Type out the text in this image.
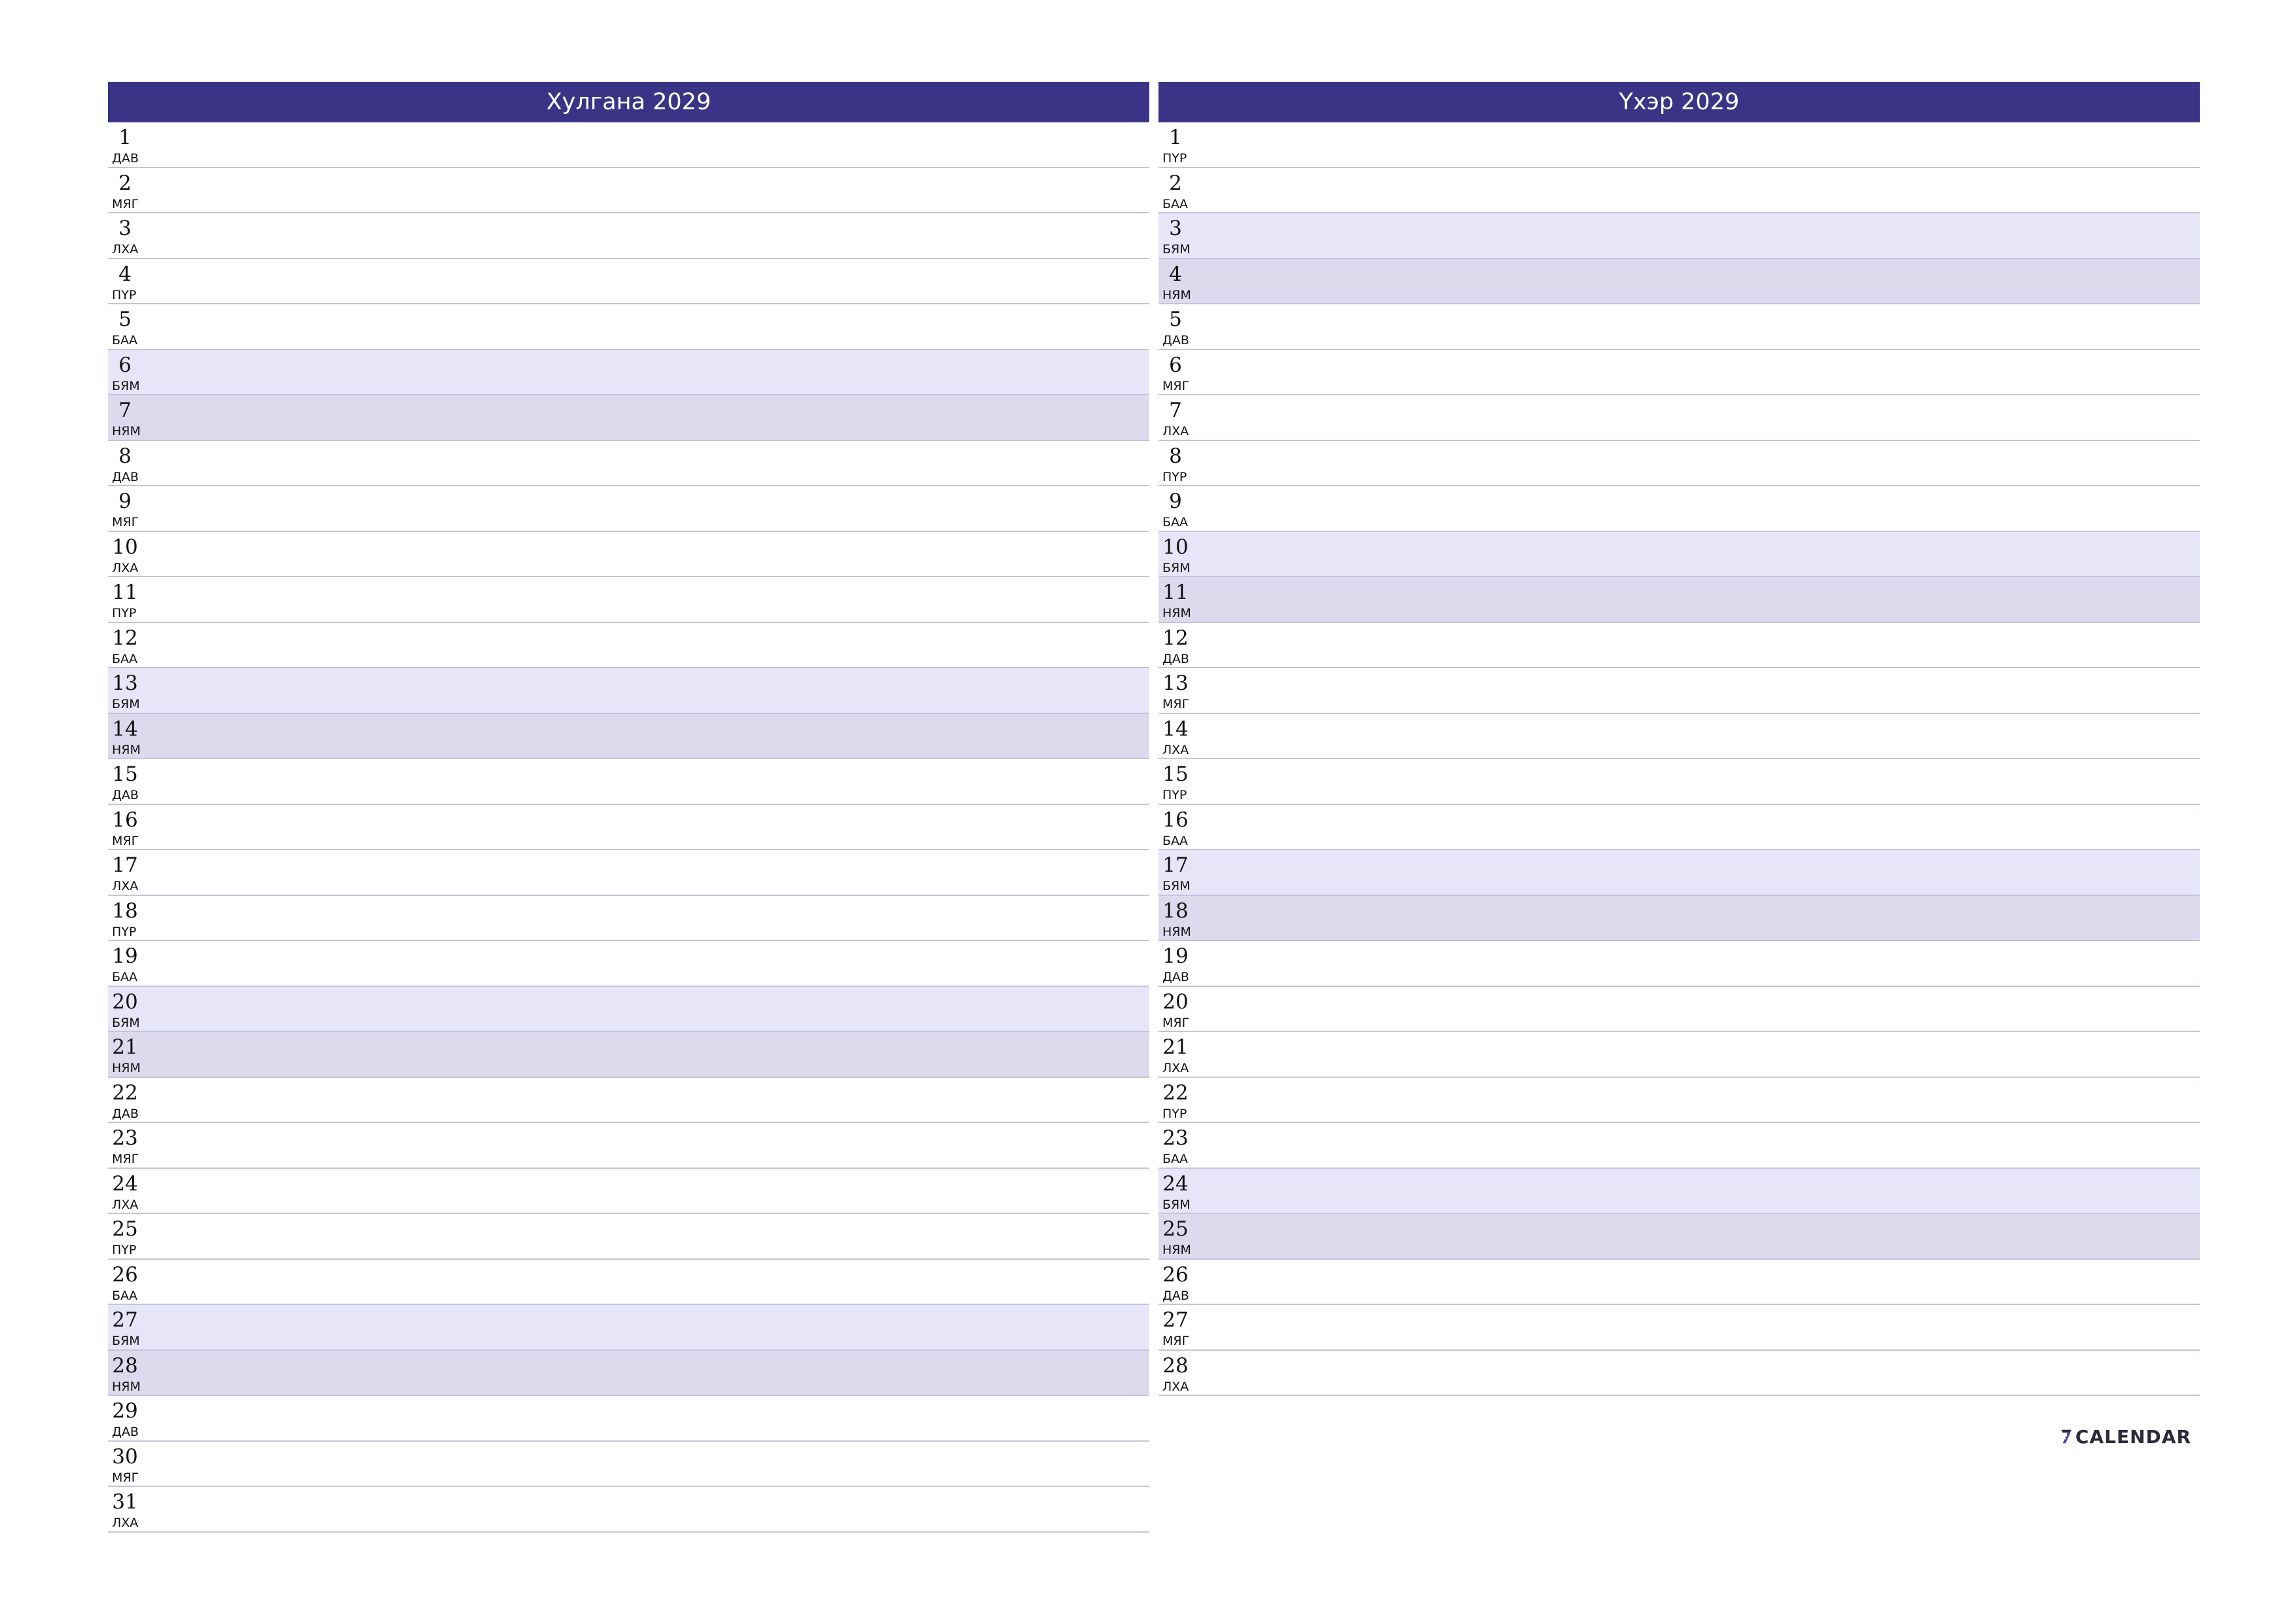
Хулгана 2029
1
ДАВ
2
МЯГ
3
ЛХА
4
ПҮР
5
БАА
6
БЯМ
7
НЯМ
8
ДАВ
9
МЯГ
10
ЛХА
11
ПҮР
12
БАА
13
БЯМ
14
НЯМ
15
ДАВ
16
МЯГ
17
ЛХА
18
ПҮР
19
БАА
20
БЯМ
21
НЯМ
22
ДАВ
23
МЯГ
24
ЛХА
25
ПҮР
26
БАА
27
БЯМ
28
НЯМ
29
ДАВ
30
МЯГ
31
ЛХА
Үхэр 2029
1
ПҮР
2
БАА
3
БЯМ
4
НЯМ
5
ДАВ
6
МЯГ
7
ЛХА
8
ПҮР
9
БАА
10
БЯМ
11
НЯМ
12
ДАВ
13
МЯГ
14
ЛХА
15
ПҮР
16
БАА
17
БЯМ
18
НЯМ
19
ДАВ
20
МЯГ
21
ЛХА
22
ПҮР
23
БАА
24
БЯМ
25
НЯМ
26
ДАВ
27
МЯГ
28
ЛХА
CALENDAR
